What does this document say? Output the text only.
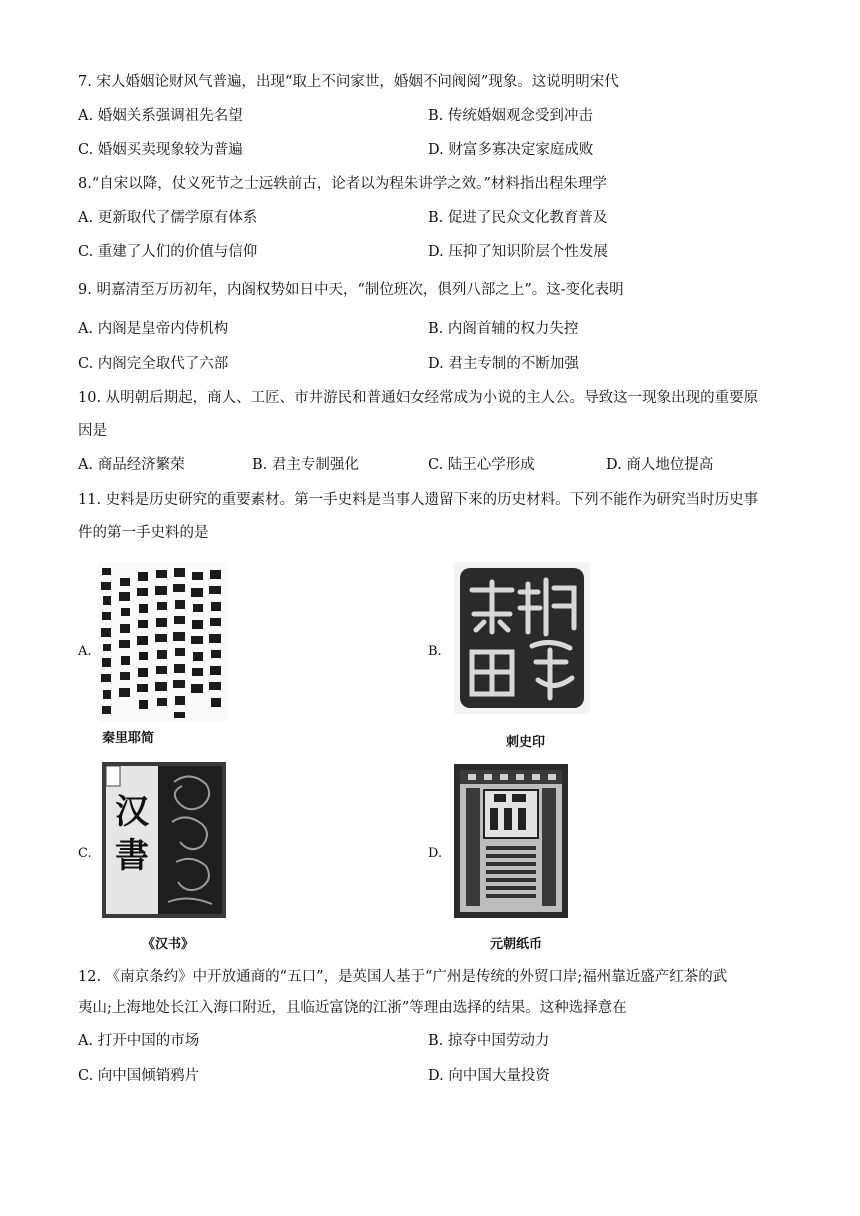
7. 宋人婚姻论财风气普遍，出现“取上不问家世，婚姻不问阀阅”现象。这说明明宋代
A. 婚姻关系强调祖先名望	B. 传统婚姻观念受到冲击
C. 婚姻买卖现象较为普遍	D. 财富多寡决定家庭成败
8.“自宋以降，仗义死节之士远轶前古，论者以为程朱讲学之效。”材料指出程朱理学
A. 更新取代了儒学原有体系	B. 促进了民众文化教育普及
C. 重建了人们的价值与信仰	D. 压抑了知识阶层个性发展
9. 明嘉清至万历初年，内阁权势如日中天，“制位班次，俱列八部之上”。这-变化表明
A. 内阁是皇帝内侍机构	B. 内阁首辅的权力失控
C. 内阁完全取代了六部	D. 君主专制的不断加强
10. 从明朝后期起，商人、工匠、市井游民和普通妇女经常成为小说的主人公。导致这一现象出现的重要原
因是
A. 商品经济繁荣	B. 君主专制强化	C. 陆王心学形成	D. 商人地位提高
11. 史料是历史研究的重要素材。第一手史料是当事人遗留下来的历史材料。下列不能作为研究当时历史事
件的第一手史料的是
A.
秦里耶简
B.
刺史印
C.
汉
書
《汉书》
D.
元朝纸币
12. 《南京条约》中开放通商的“五口”，是英国人基于“广州是传统的外贸口岸;福州靠近盛产红茶的武
夷山;上海地处长江入海口附近，且临近富饶的江浙”等理由选择的结果。这种选择意在
A. 打开中国的市场	B. 掠夺中国劳动力
C. 向中国倾销鸦片	D. 向中国大量投资
